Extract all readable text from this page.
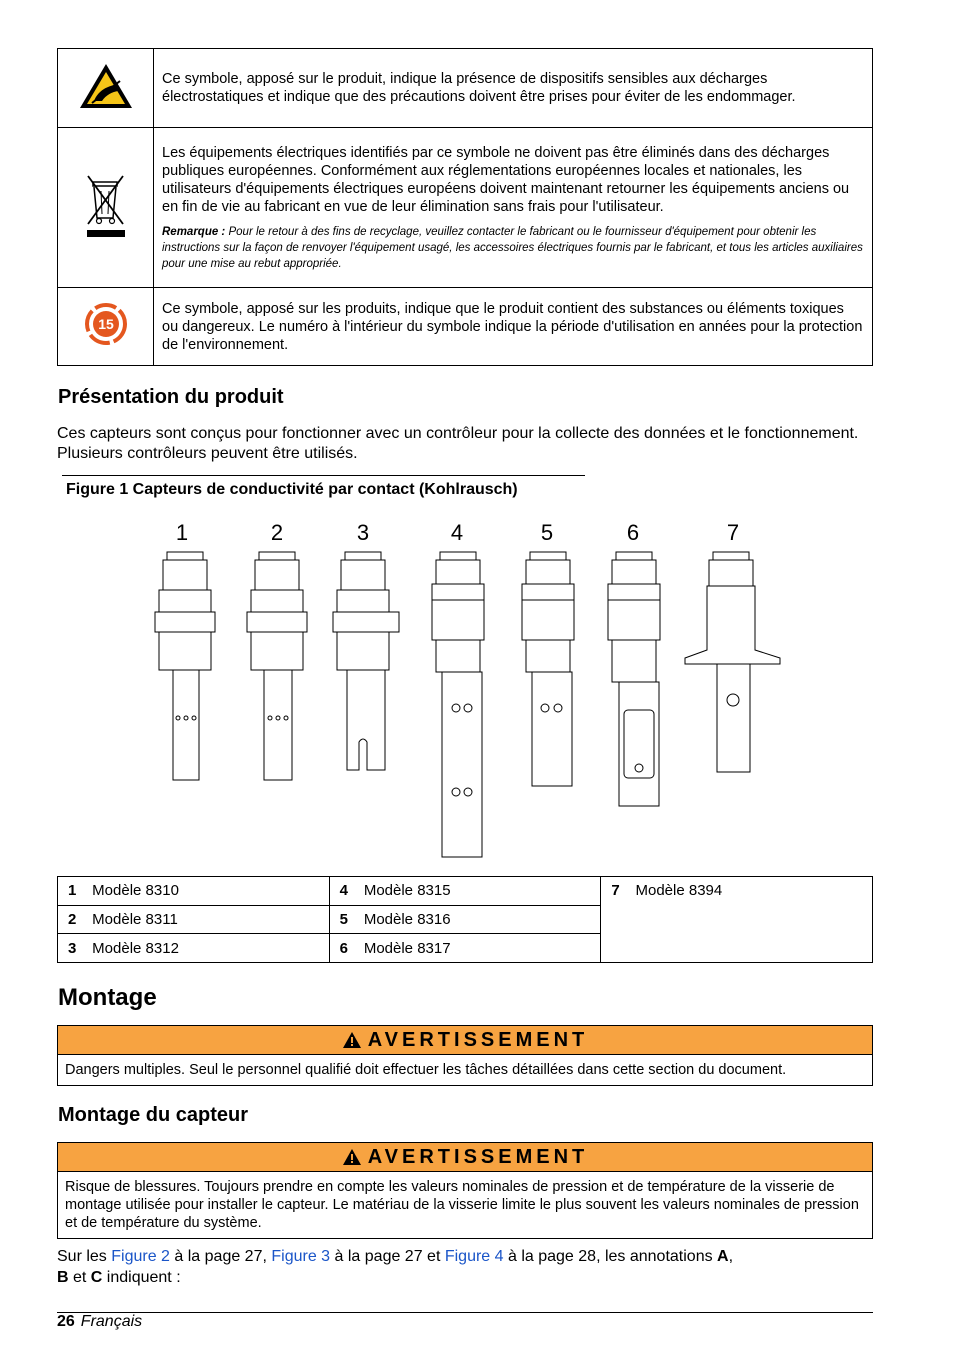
	Ce symbole, apposé sur le produit, indique la présence de dispositifs sensibles aux décharges électrostatiques et indique que des précautions doivent être prises pour éviter de les endommager.

Les équipements électriques identifiés par ce symbole ne doivent pas être éliminés dans des décharges publiques européennes. Conformément aux réglementations européennes locales et nationales, les utilisateurs d'équipements électriques européens doivent maintenant retourner les équipements anciens ou en fin de vie au fabricant en vue de leur élimination sans frais pour l'utilisateur.
Remarque : Pour le retour à des fins de recyclage, veuillez contacter le fabricant ou le fournisseur d'équipement pour obtenir les instructions sur la façon de renvoyer l'équipement usagé, les accessoires électriques fournis par le fabricant, et tous les articles auxiliaires pour une mise au rebut appropriée.

15	Ce symbole, apposé sur les produits, indique que le produit contient des substances ou éléments toxiques ou dangereux. Le numéro à l'intérieur du symbole indique la période d'utilisation en années pour la protection de l'environnement.
Présentation du produit
Ces capteurs sont conçus pour fonctionner avec un contrôleur pour la collecte des données et le fonctionnement. Plusieurs contrôleurs peuvent être utilisés.
Figure 1 Capteurs de conductivité par contact (Kohlrausch)
1	2	3	4	5	6	7
1 Modèle 8310	4 Modèle 8315	7 Modèle 8394
2 Modèle 8311	5 Modèle 8316	
3 Modèle 8312	6 Modèle 8317	
Montage
AVERTISSEMENT
Dangers multiples. Seul le personnel qualifié doit effectuer les tâches détaillées dans cette section du document.
Montage du capteur
AVERTISSEMENT
Risque de blessures. Toujours prendre en compte les valeurs nominales de pression et de température de la visserie de montage utilisée pour installer le capteur. Le matériau de la visserie limite le plus souvent les valeurs nominales de pression et de température du système.
Sur les Figure 2 à la page 27, Figure 3 à la page 27 et Figure 4 à la page 28, les annotations A,
B et C indiquent :
26 Français
